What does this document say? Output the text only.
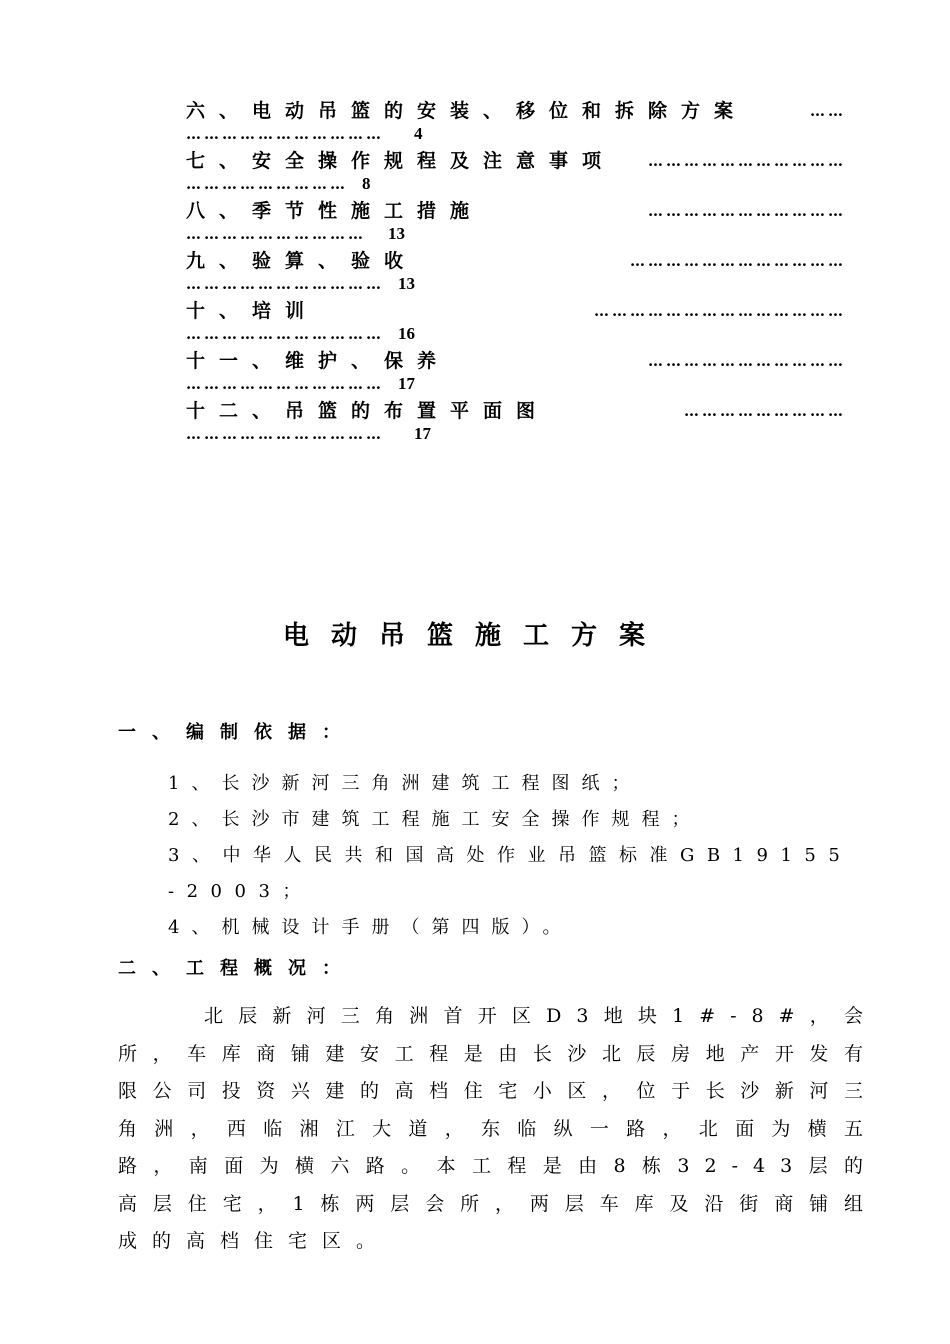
六、电动吊篮的安装、移位和拆除方案	……
…………………………… 4
七、安全操作规程及注意事项 ……………………………
……………………… 8
八、季节性施工措施	……………………………
………………………… 13
九、验算、验收	………………………………
…………………………… 13
十、培训	……………………………………
…………………………… 16
十一、维护、保养	……………………………
…………………………… 17
十二、吊篮的布置平面图	………………………
…………………………… 17
电动吊篮施工方案
一、编制依据：
1、长沙新河三角洲建筑工程图纸；
2、长沙市建筑工程施工安全操作规程；
3、中华人民共和国高处作业吊篮标准GB19155-2003；
4、机械设计手册（第四版）。
二、工程概况：
北辰新河三角洲首开区D3地块1#-8#，会所，车库商铺建安工程是由长沙北辰房地产开发有限公司投资兴建的高档住宅小区，位于长沙新河三角洲，西临湘江大道，东临纵一路，北面为横五路，南面为横六路。本工程是由8栋32-43层的高层住宅，1栋两层会所，两层车库及沿街商铺组成的高档住宅区。
